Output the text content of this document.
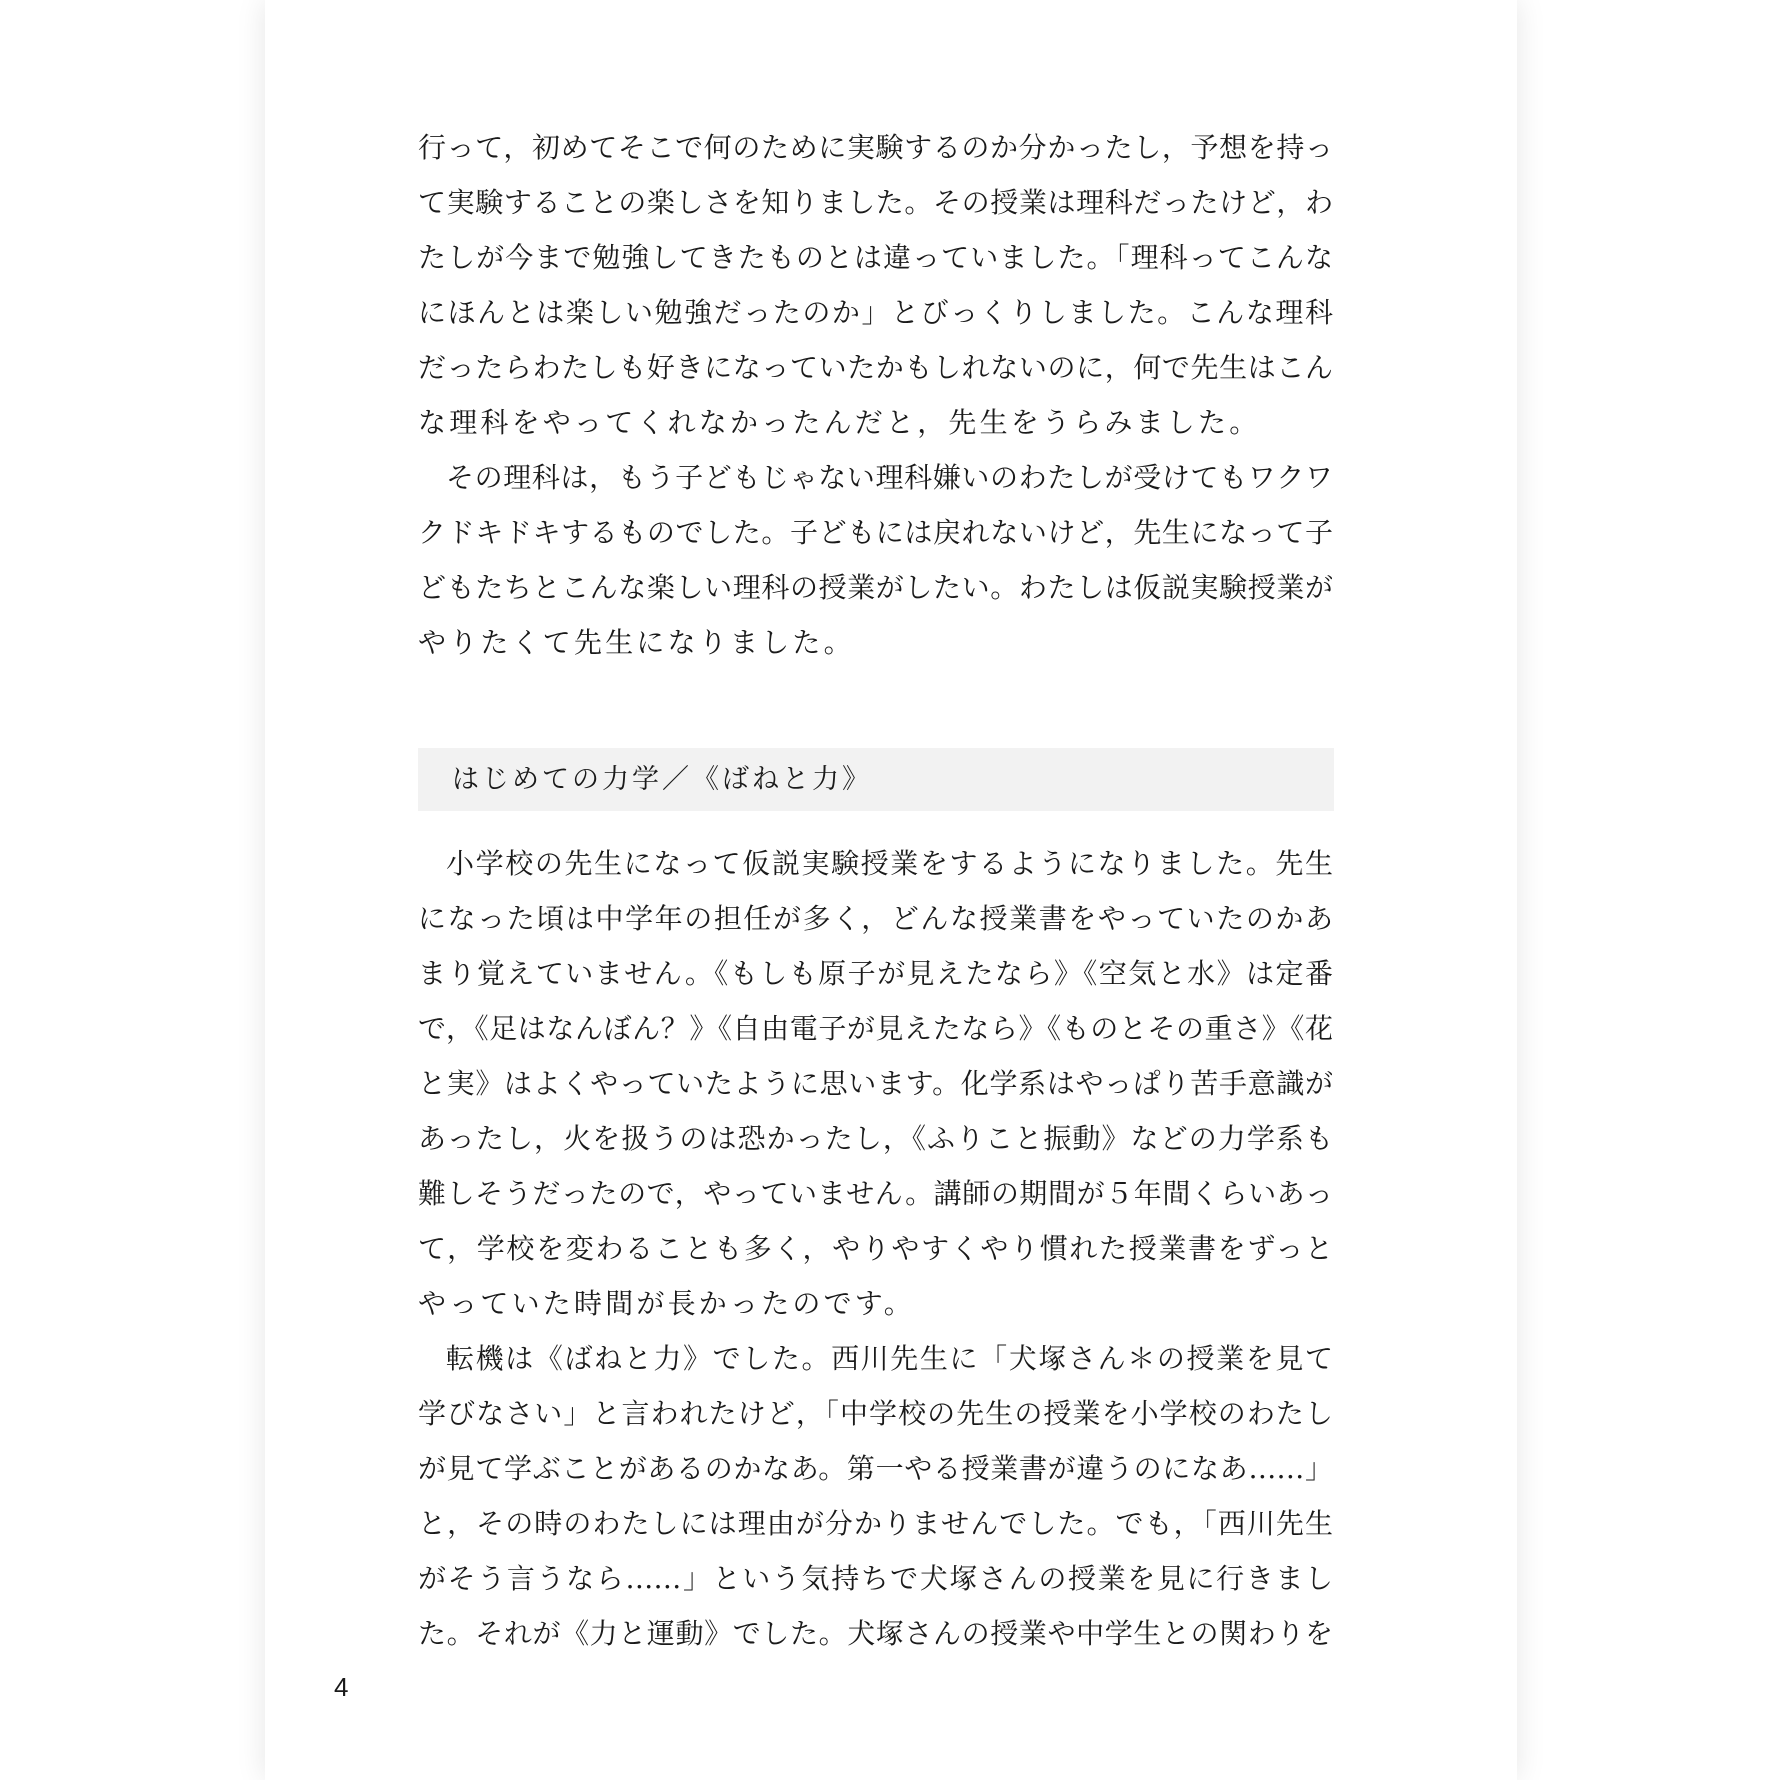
行って，初めてそこで何のために実験するのか分かったし，予想を持っ
て実験することの楽しさを知りました。その授業は理科だったけど，わ
たしが今まで勉強してきたものとは違っていました。「理科ってこんな
にほんとは楽しい勉強だったのか」とびっくりしました。こんな理科
だったらわたしも好きになっていたかもしれないのに，何で先生はこん
な理科をやってくれなかったんだと，先生をうらみました。
その理科は，もう子どもじゃない理科嫌いのわたしが受けてもワクワ
クドキドキするものでした。子どもには戻れないけど，先生になって子
どもたちとこんな楽しい理科の授業がしたい。わたしは仮説実験授業が
やりたくて先生になりました。
はじめての力学／《ばねと力》
小学校の先生になって仮説実験授業をするようになりました。先生
になった頃は中学年の担任が多く，どんな授業書をやっていたのかあ
まり覚えていません。《もしも原子が見えたなら》《空気と水》は定番
で，《足はなんぼん？》《自由電子が見えたなら》《ものとその重さ》《花
と実》はよくやっていたように思います。化学系はやっぱり苦手意識が
あったし，火を扱うのは恐かったし，《ふりこと振動》などの力学系も
難しそうだったので，やっていません。講師の期間が５年間くらいあっ
て，学校を変わることも多く，やりやすくやり慣れた授業書をずっと
やっていた時間が長かったのです。
転機は《ばねと力》でした。西川先生に「犬塚さん＊の授業を見て
学びなさい」と言われたけど，「中学校の先生の授業を小学校のわたし
が見て学ぶことがあるのかなあ。第一やる授業書が違うのになあ……」
と，その時のわたしには理由が分かりませんでした。でも，「西川先生
がそう言うなら……」という気持ちで犬塚さんの授業を見に行きまし
た。それが《力と運動》でした。犬塚さんの授業や中学生との関わりを
4
